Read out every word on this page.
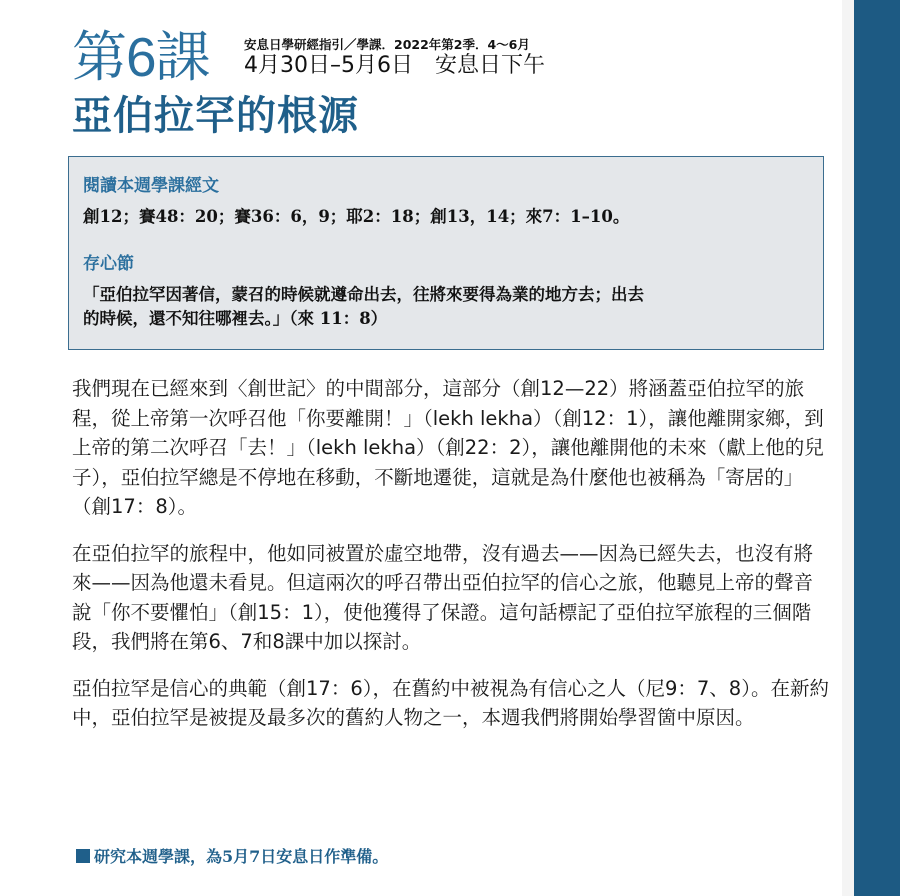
第6課	安息日學研經指引／學課．2022年第2季．4～6月
4月30日–5月6日　安息日下午
亞伯拉罕的根源
閱讀本週學課經文
創12；賽48：20；賽36：6，9；耶2：18；創13，14；來7：1–10。
存心節
「亞伯拉罕因著信，蒙召的時候就遵命出去，往將來要得為業的地方去；出去
的時候，還不知往哪裡去。」（來 11：8）

我們現在已經來到〈創世記〉的中間部分，這部分（創12—22）將涵蓋亞伯拉罕的旅程，從上帝第一次呼召他「你要離開！」（lekh lekha）（創12：1），讓他離開家鄉，到上帝的第二次呼召「去！」（lekh lekha）（創22：2），讓他離開他的未來（獻上他的兒子），亞伯拉罕總是不停地在移動，不斷地遷徙，這就是為什麼他也被稱為「寄居的」（創17：8）。

在亞伯拉罕的旅程中，他如同被置於虛空地帶，沒有過去——因為已經失去，也沒有將來——因為他還未看見。但這兩次的呼召帶出亞伯拉罕的信心之旅，他聽見上帝的聲音說「你不要懼怕」（創15：1），使他獲得了保證。這句話標記了亞伯拉罕旅程的三個階段，我們將在第6、7和8課中加以探討。

亞伯拉罕是信心的典範（創17：6），在舊約中被視為有信心之人（尼9：7、8）。在新約中，亞伯拉罕是被提及最多次的舊約人物之一，本週我們將開始學習箇中原因。

研究本週學課，為5月7日安息日作準備。
